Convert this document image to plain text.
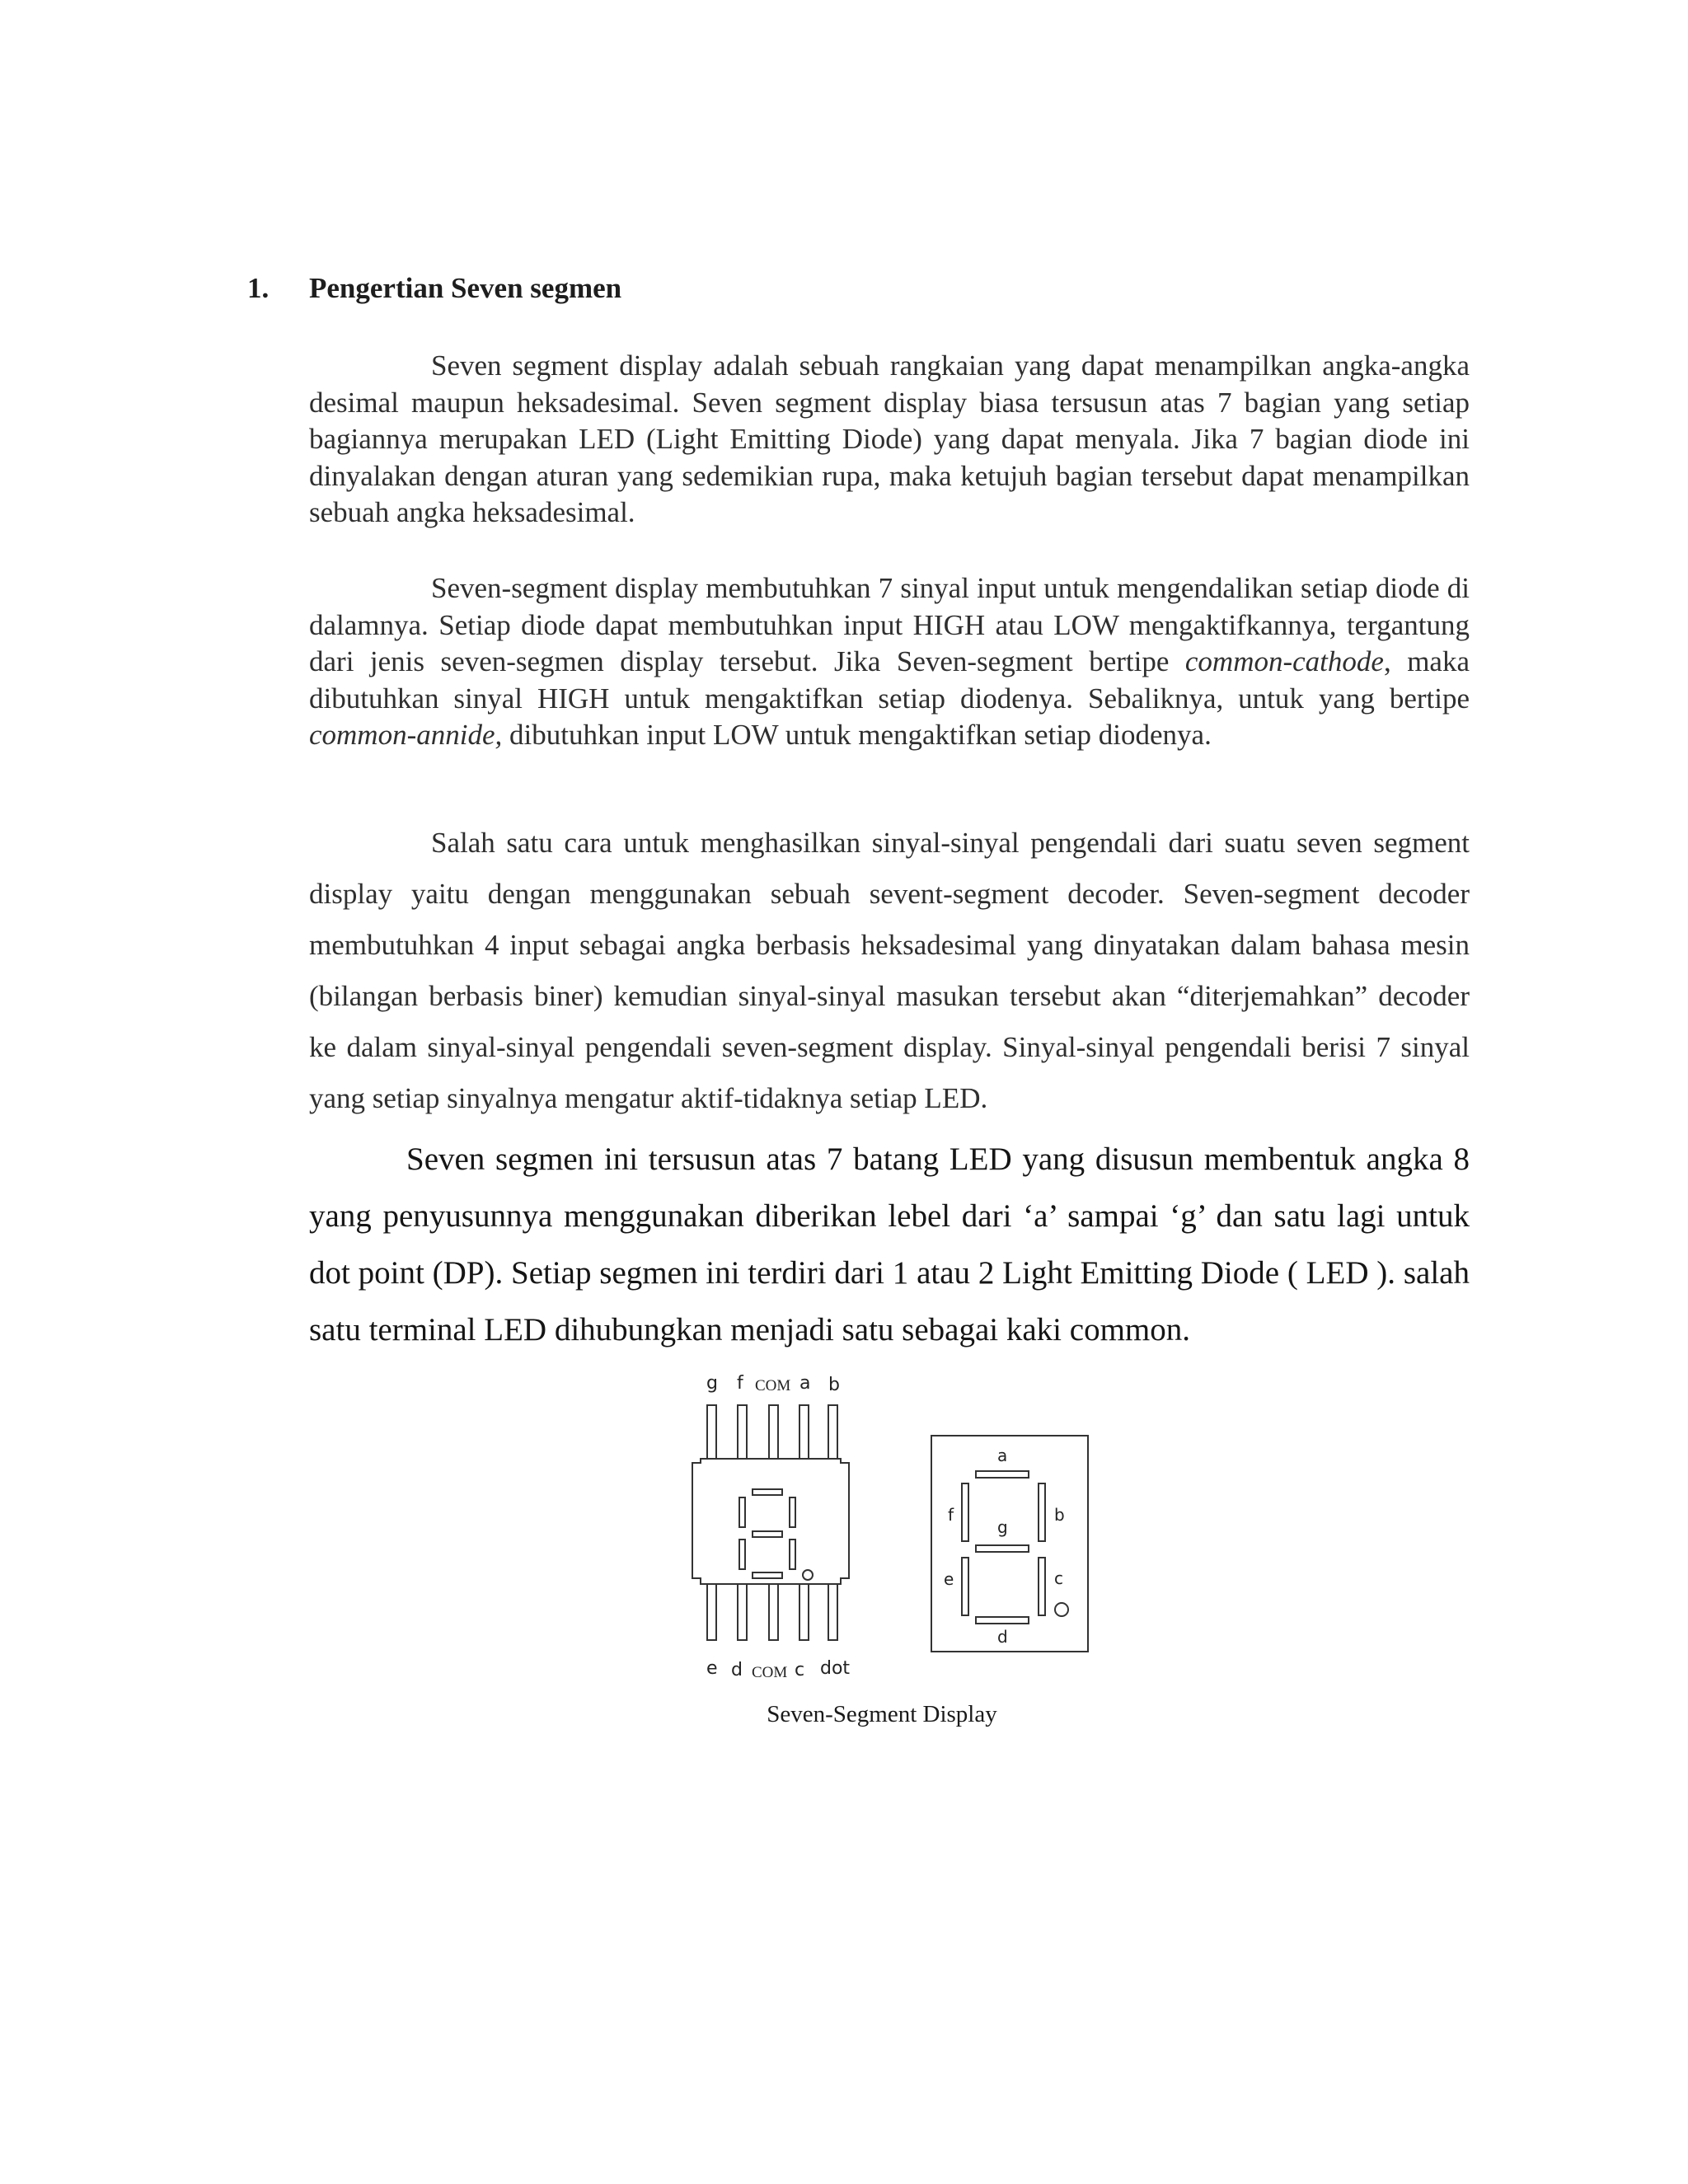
1. Pengertian Seven segmen

Seven segment display adalah sebuah rangkaian yang dapat menampilkan angka-angka desimal maupun heksadesimal. Seven segment display biasa tersusun atas 7 bagian yang setiap bagiannya merupakan LED (Light Emitting Diode) yang dapat menyala. Jika 7 bagian diode ini dinyalakan dengan aturan yang sedemikian rupa, maka ketujuh bagian tersebut dapat menampilkan sebuah angka heksadesimal.

Seven-segment display membutuhkan 7 sinyal input untuk mengendalikan setiap diode di dalamnya. Setiap diode dapat membutuhkan input HIGH atau LOW mengaktifkannya, tergantung dari jenis seven-segmen display tersebut. Jika Seven-segment bertipe common-cathode, maka dibutuhkan sinyal HIGH untuk mengaktifkan setiap diodenya. Sebaliknya, untuk yang bertipe common-annide, dibutuhkan input LOW untuk mengaktifkan setiap diodenya.

Salah satu cara untuk menghasilkan sinyal-sinyal pengendali dari suatu seven segment display yaitu dengan menggunakan sebuah sevent-segment decoder. Seven-segment decoder membutuhkan 4 input sebagai angka berbasis heksadesimal yang dinyatakan dalam bahasa mesin (bilangan berbasis biner) kemudian sinyal-sinyal masukan tersebut akan “diterjemahkan” decoder ke dalam sinyal-sinyal pengendali seven-segment display. Sinyal-sinyal pengendali berisi 7 sinyal yang setiap sinyalnya mengatur aktif-tidaknya setiap LED.

Seven segmen ini tersusun atas 7 batang LED yang disusun membentuk angka 8 yang penyusunnya menggunakan diberikan lebel dari ‘a’ sampai ‘g’ dan satu lagi untuk dot point (DP). Setiap segmen ini terdiri dari 1 atau 2 Light Emitting Diode ( LED ). salah satu terminal LED dihubungkan menjadi satu sebagai kaki common.

g f COM a b
e d COM c dot
a
b
c
d
e
f
g
Seven-Segment Display
